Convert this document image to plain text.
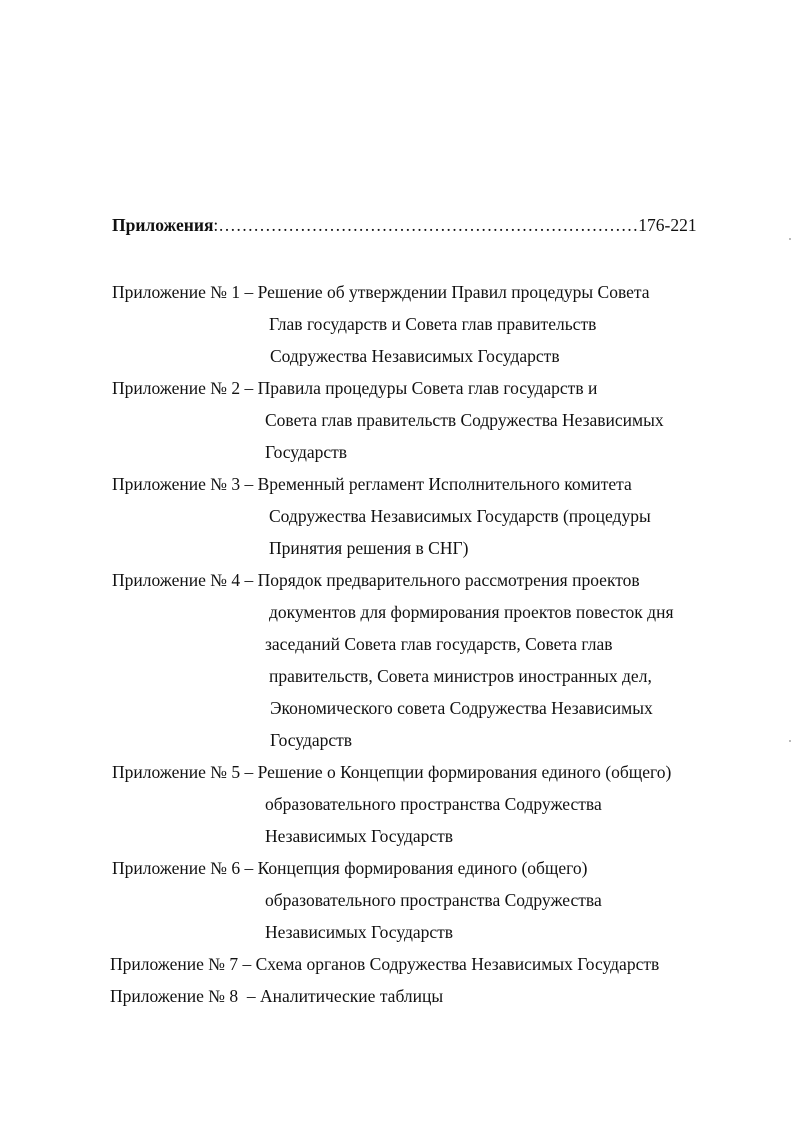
Приложения:………………………………………………………………176-221
Приложение № 1 – Решение об утверждении Правил процедуры Совета
Глав государств и Совета глав правительств
Содружества Независимых Государств
Приложение № 2 – Правила процедуры Совета глав государств и
Совета глав правительств Содружества Независимых
Государств
Приложение № 3 – Временный регламент Исполнительного комитета
Содружества Независимых Государств (процедуры
Принятия решения в СНГ)
Приложение № 4 – Порядок предварительного рассмотрения проектов
документов для формирования проектов повесток дня
заседаний Совета глав государств, Совета глав
правительств, Совета министров иностранных дел,
Экономического совета Содружества Независимых
Государств
Приложение № 5 – Решение о Концепции формирования единого (общего)
образовательного пространства Содружества
Независимых Государств
Приложение № 6 – Концепция формирования единого (общего)
образовательного пространства Содружества
Независимых Государств
Приложение № 7 – Схема органов Содружества Независимых Государств
Приложение № 8  – Аналитические таблицы
